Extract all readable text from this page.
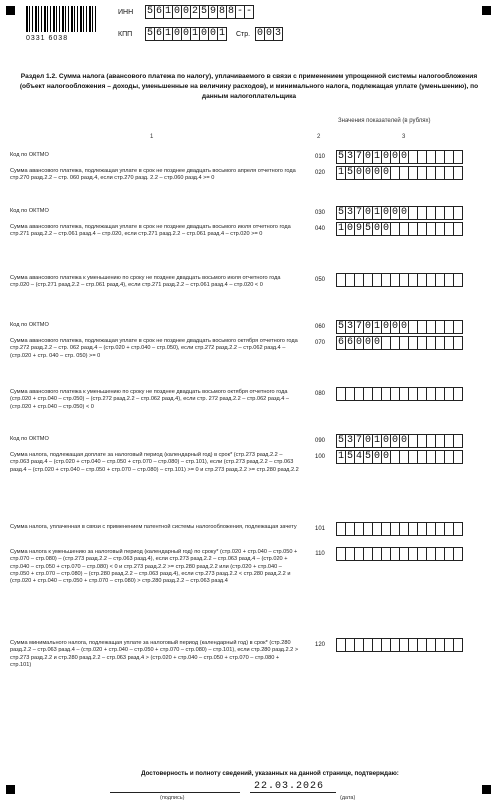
0331 6038
ИНН 5 6 1 0 0 2 5 9 8 8 - -
КПП 5 6 1 0 0 1 0 0 1 Стр. 0 0 3
Раздел 1.2. Сумма налога (авансового платежа по налогу), уплачиваемого в связи с применением упрощенной системы налогообложения (объект налогообложения – доходы, уменьшенные на величину расходов), и минимального налога, подлежащая уплате (уменьшению), по данным налогоплательщика
Значения показателей (в рублях)
1	2	3
Код по ОКТМО	010	5 3 7 0 1 0 0 0
Сумма авансового платежа, подлежащая уплате в срок не позднее двадцать восьмого апреля отчетного года стр.270 разд.2.2 – стр. 060 разд.4, если стр.270 разд. 2.2 – стр.060 разд.4 >= 0
020	1 5 0 0 0 0
Код по ОКТМО	030	5 3 7 0 1 0 0 0
Сумма авансового платежа, подлежащая уплате в срок не позднее двадцать восьмого июля отчетного года стр.271 разд.2.2 – стр.061 разд.4 – стр.020, если стр.271 разд.2.2 – стр.061 разд.4 – стр.020 >= 0
040	1 0 9 5 0 0
Сумма авансового платежа к уменьшению по сроку не позднее двадцать восьмого июля отчетного года стр.020 – (стр.271 разд.2.2 – стр.061 разд.4), если стр.271 разд.2.2 – стр.061 разд.4 – стр.020 < 0
050
Код по ОКТМО	060	5 3 7 0 1 0 0 0
Сумма авансового платежа, подлежащая уплате в срок не позднее двадцать восьмого октября отчетного года стр.272 разд.2.2 – стр. 062 разд.4 – (стр.020 + стр.040 – стр.050), если стр.272 разд.2.2 – стр.062 разд.4 – (стр.020 + стр. 040 – стр. 050) >= 0
070	6 6 0 0 0
Сумма авансового платежа к уменьшению по сроку не позднее двадцать восьмого октября отчетного года (стр.020 + стр.040 – стр.050) – (стр.272 разд.2.2 – стр.062 разд.4), если стр. 272 разд.2.2 – стр.062 разд.4 – (стр.020 + стр.040 – стр.050) < 0
080
Код по ОКТМО	090	5 3 7 0 1 0 0 0
Сумма налога, подлежащая доплате за налоговый период (календарный год) в срок* (стр.273 разд.2.2 – стр.063 разд.4 – (стр.020 + стр.040 – стр.050 + стр.070 – стр.080) – стр.101), если (стр.273 разд.2.2 – стр.063 разд.4 – (стр.020 + стр.040 – стр.050 + стр.070 – стр.080) – стр.101) >= 0 и стр.273 разд.2.2 >= стр.280 разд.2.2
100	1 5 4 5 0 0
Сумма налога, уплаченная в связи с применением патентной системы налогообложения, подлежащая зачету	101
Сумма налога к уменьшению за налоговый период (календарный год) по сроку* (стр.020 + стр.040 – стр.050 + стр.070 – стр.080) – (стр.273 разд.2.2 – стр.063 разд.4), если стр.273 разд.2.2 – стр.063 разд.4 – (стр.020 + стр.040 – стр.050 + стр.070 – стр.080) < 0 и стр.273 разд.2.2 >= стр.280 разд.2.2 или (стр.020 + стр.040 – стр.050 + стр.070 – стр.080) – (стр.280 разд.2.2 – стр.063 разд.4), если стр.273 разд.2.2 < стр.280 разд.2.2 и (стр.020 + стр.040 – стр.050 + стр.070 – стр.080) > стр.280 разд.2.2 – стр.063 разд.4
110
Сумма минимального налога, подлежащая уплате за налоговый период (календарный год) в срок* (стр.280 разд.2.2 – стр.063 разд.4 – (стр.020 + стр.040 – стр.050 + стр.070 – стр.080) – стр.101), если стр.280 разд.2.2 > стр.273 разд.2.2 и стр.280 разд.2.2 – стр.063 разд.4 > (стр.020 + стр.040 – стр.050 + стр.070 – стр.080 + стр.101)
120
Достоверность и полноту сведений, указанных на данной странице, подтверждаю:
(подпись)
22.03.2026
(дата)
